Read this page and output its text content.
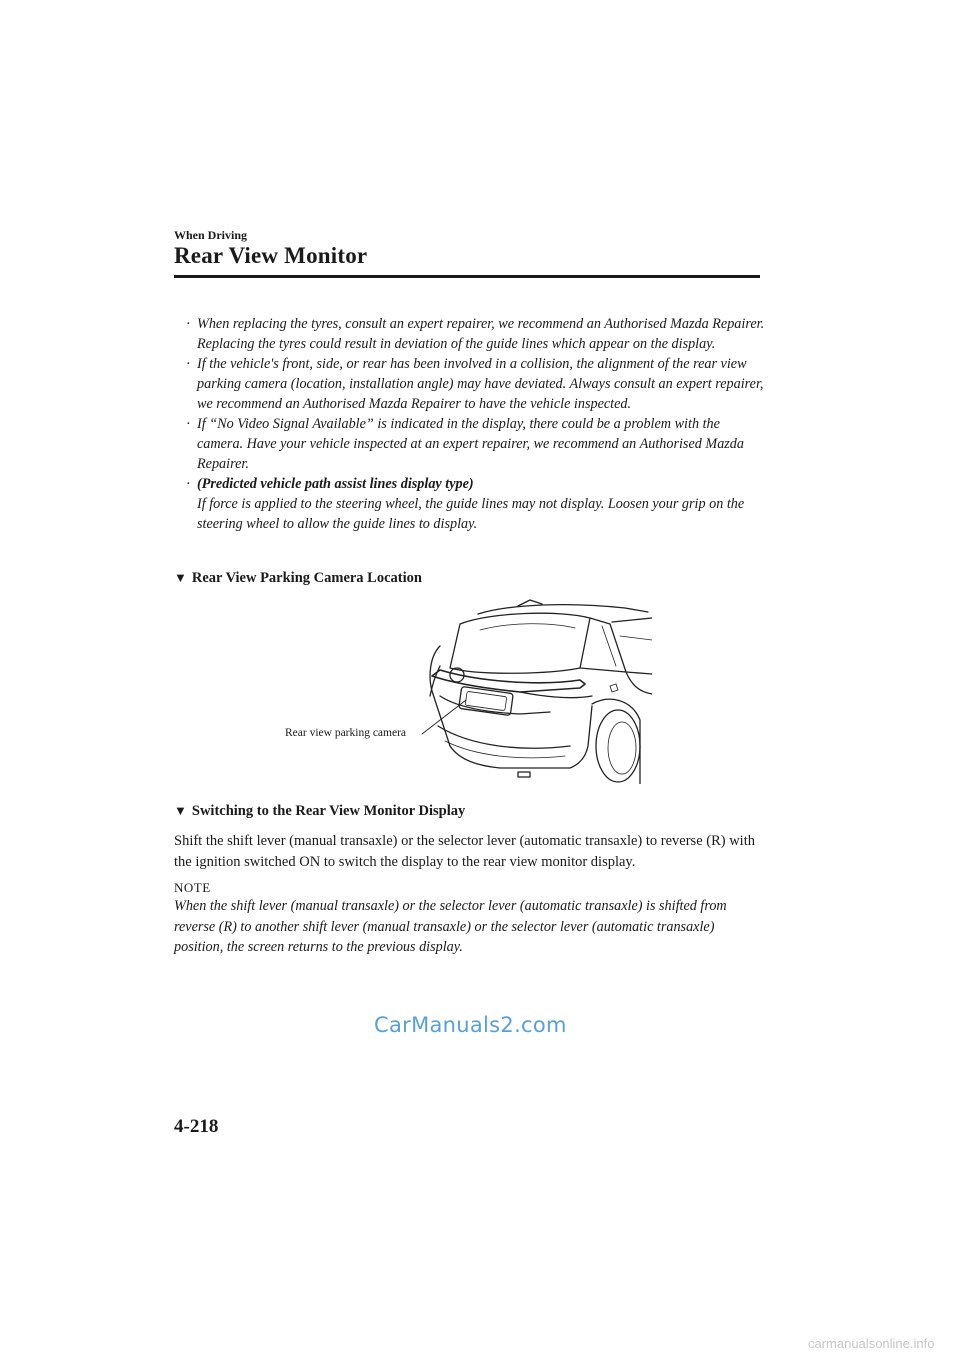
When Driving
Rear View Monitor
· When replacing the tyres, consult an expert repairer, we recommend an Authorised Mazda Repairer. Replacing the tyres could result in deviation of the guide lines which appear on the display.
· If the vehicle's front, side, or rear has been involved in a collision, the alignment of the rear view parking camera (location, installation angle) may have deviated. Always consult an expert repairer, we recommend an Authorised Mazda Repairer to have the vehicle inspected.
· If “No Video Signal Available” is indicated in the display, there could be a problem with the camera. Have your vehicle inspected at an expert repairer, we recommend an Authorised Mazda Repairer.
· (Predicted vehicle path assist lines display type)
If force is applied to the steering wheel, the guide lines may not display. Loosen your grip on the steering wheel to allow the guide lines to display.
▼ Rear View Parking Camera Location
Rear view parking camera
▼ Switching to the Rear View Monitor Display
Shift the shift lever (manual transaxle) or the selector lever (automatic transaxle) to reverse (R) with the ignition switched ON to switch the display to the rear view monitor display.
NOTE
When the shift lever (manual transaxle) or the selector lever (automatic transaxle) is shifted from reverse (R) to another shift lever (manual transaxle) or the selector lever (automatic transaxle) position, the screen returns to the previous display.
CarManuals2.com
4-218
carmanualsonline.info
